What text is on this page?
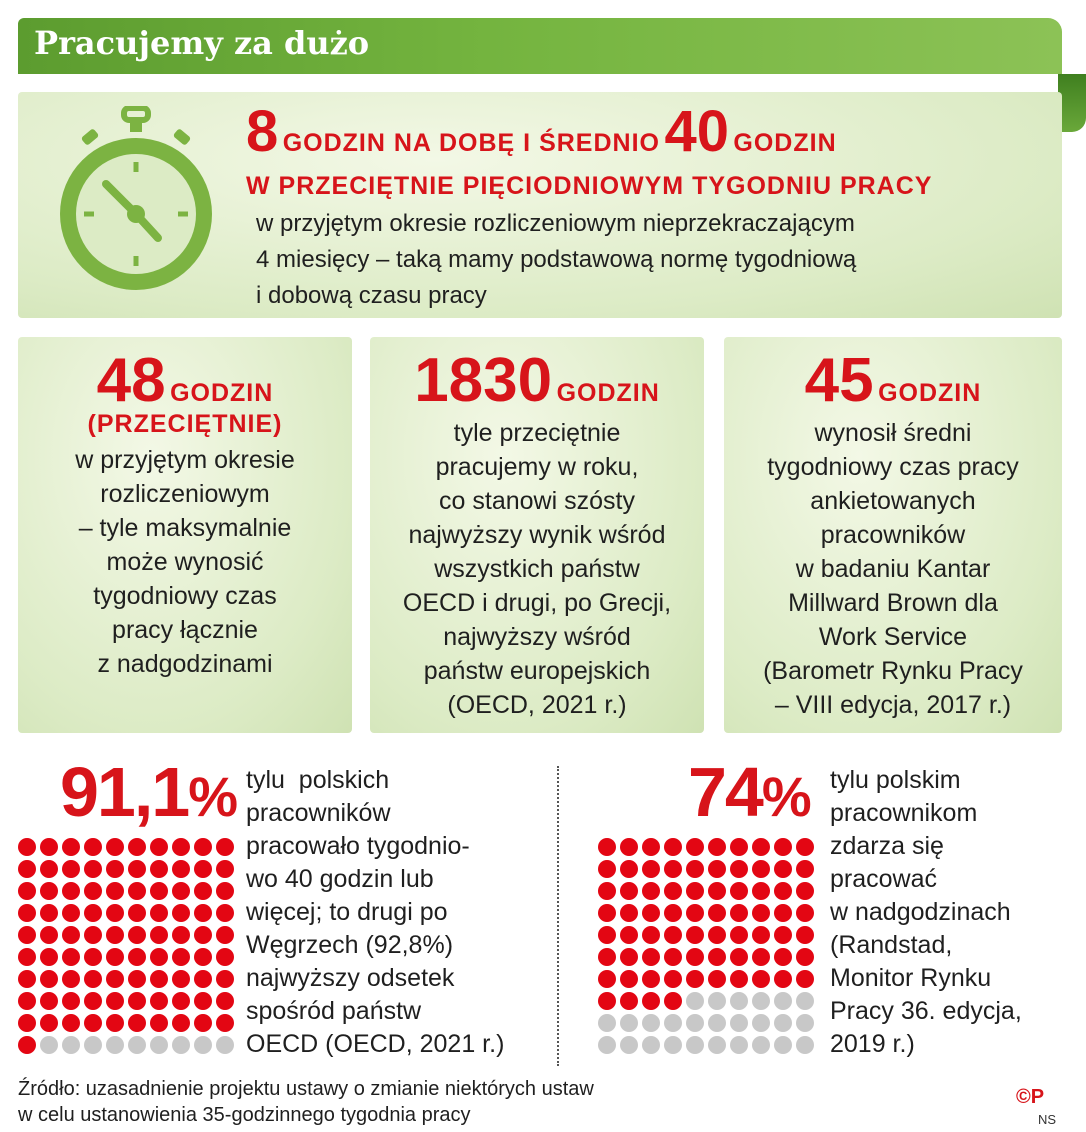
Pracujemy za dużo
8 GODZIN NA DOBĘ I ŚREDNIO 40 GODZIN
W PRZECIĘTNIE PIĘCIODNIOWYM TYGODNIU PRACY
w przyjętym okresie rozliczeniowym nieprzekraczającym
4 miesięcy – taką mamy podstawową normę tygodniową
i dobową czasu pracy
48 GODZIN
(PRZECIĘTNIE)
w przyjętym okresie
rozliczeniowym
– tyle maksymalnie
może wynosić
tygodniowy czas
pracy łącznie
z nadgodzinami
1830 GODZIN
tyle przeciętnie
pracujemy w roku,
co stanowi szósty
najwyższy wynik wśród
wszystkich państw
OECD i drugi, po Grecji,
najwyższy wśród
państw europejskich
(OECD, 2021 r.)
45 GODZIN
wynosił średni
tygodniowy czas pracy
ankietowanych
pracowników
w badaniu Kantar
Millward Brown dla
Work Service
(Barometr Rynku Pracy
– VIII edycja, 2017 r.)
91,1% tylu  polskich
pracowników
pracowało tygodnio-
wo 40 godzin lub
więcej; to drugi po
Węgrzech (92,8%)
najwyższy odsetek
spośród państw
OECD (OECD, 2021 r.)
74% tylu polskim
pracownikom
zdarza się
pracować
w nadgodzinach
(Randstad,
Monitor Rynku
Pracy 36. edycja,
2019 r.)
Źródło: uzasadnienie projektu ustawy o zmianie niektórych ustaw
w celu ustanowienia 35-godzinnego tygodnia pracy
©P
NS
